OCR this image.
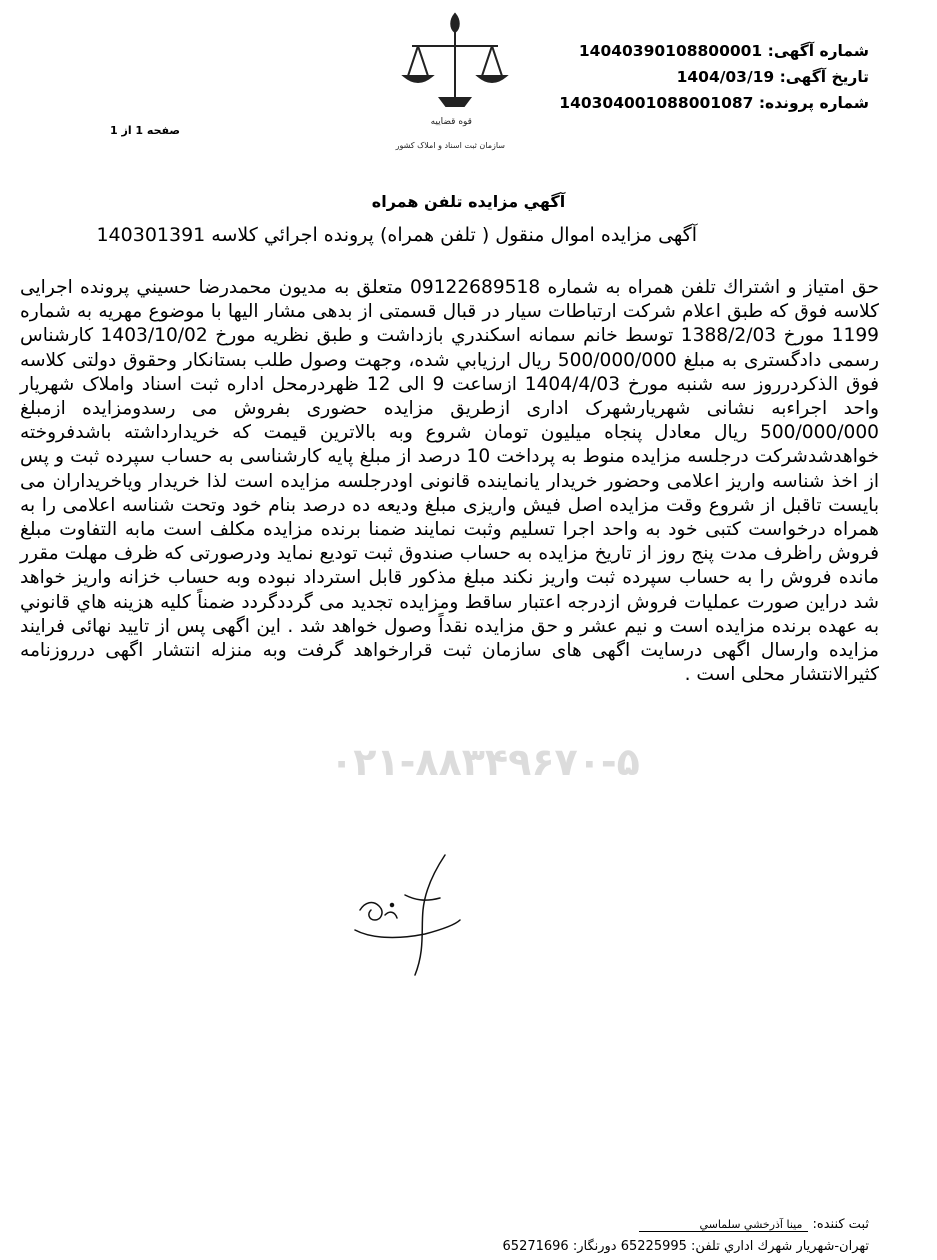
شماره آگهی: 14040390108800001
تاریخ آگهی: 1404/03/19
شماره پرونده: 140304001088001087
صفحه 1 از 1
قوه قضاییه
سازمان ثبت اسناد و املاک کشور
آگهي مزايده تلفن همراه
آگهی مزایده اموال منقول ( تلفن همراه) پرونده اجرائي كلاسه 140301391
حق امتياز و اشتراك تلفن همراه به شماره 09122689518 متعلق به مديون محمدرضا حسيني پرونده اجرایی كلاسه فوق كه طبق اعلام شركت ارتباطات سیار در قبال قسمتی از بدهی مشار الیها با موضوع مهریه به شماره 1199 مورخ 1388/2/03 توسط خانم سمانه اسكندري بازداشت و طبق نظریه مورخ 1403/10/02 كارشناس رسمی دادگستری به مبلغ 500/000/000 ريال ارزيابي شده، وجهت وصول طلب بستانكار وحقوق دولتی كلاسه فوق الذكردرروز سه شنبه مورخ 1404/4/03 ازساعت 9 الی 12 ظهردرمحل اداره ثبت اسناد واملاک شهریار واحد اجراءبه نشانی شهریارشهرک اداری ازطریق مزایده حضوری بفروش می رسدومزایده ازمبلغ 500/000/000 ریال معادل پنجاه میلیون تومان شروع وبه بالاترین قیمت که خریدارداشته باشدفروخته خواهدشدشرکت درجلسه مزایده منوط به پرداخت 10 درصد از مبلغ پایه کارشناسی به حساب سپرده ثبت و پس از اخذ شناسه واریز اعلامی وحضور خریدار یانماینده قانونی اودرجلسه مزایده است لذا خریدار ویاخریداران می بایست تاقبل از شروع وقت مزایده اصل فیش واریزی مبلغ ودیعه ده درصد بنام خود وتحت شناسه اعلامی را به همراه درخواست کتبی خود به واحد اجرا تسلیم وثبت نمایند ضمنا برنده مزایده مکلف است مابه التفاوت مبلغ فروش راظرف مدت پنج روز از تاریخ مزایده به حساب صندوق ثبت تودیع نماید ودرصورتی که ظرف مهلت مقرر مانده فروش را به حساب سپرده ثبت واریز نکند مبلغ مذکور قابل استرداد نبوده وبه حساب خزانه واریز خواهد شد دراین صورت عملیات فروش ازدرجه اعتبار ساقط ومزایده تجدید می گرددگردد ضمناً کلیه هزینه هاي قانوني به عهده برنده مزایده است و نیم عشر و حق مزایده نقداً وصول خواهد شد . این اگهی پس از تایید نهائی فرایند مزایده وارسال اگهی درسایت اگهی های سازمان ثبت قرارخواهد گرفت وبه منزله انتشار اگهی درروزنامه کثیرالانتشار محلی است .
۰۲۱-۸۸۳۴۹۶۷۰-۵
ثبت كننده: مينا آذرخشي سلماسي
تهران-شهريار شهرك اداري تلفن: 65225995 دورنگار: 65271696
